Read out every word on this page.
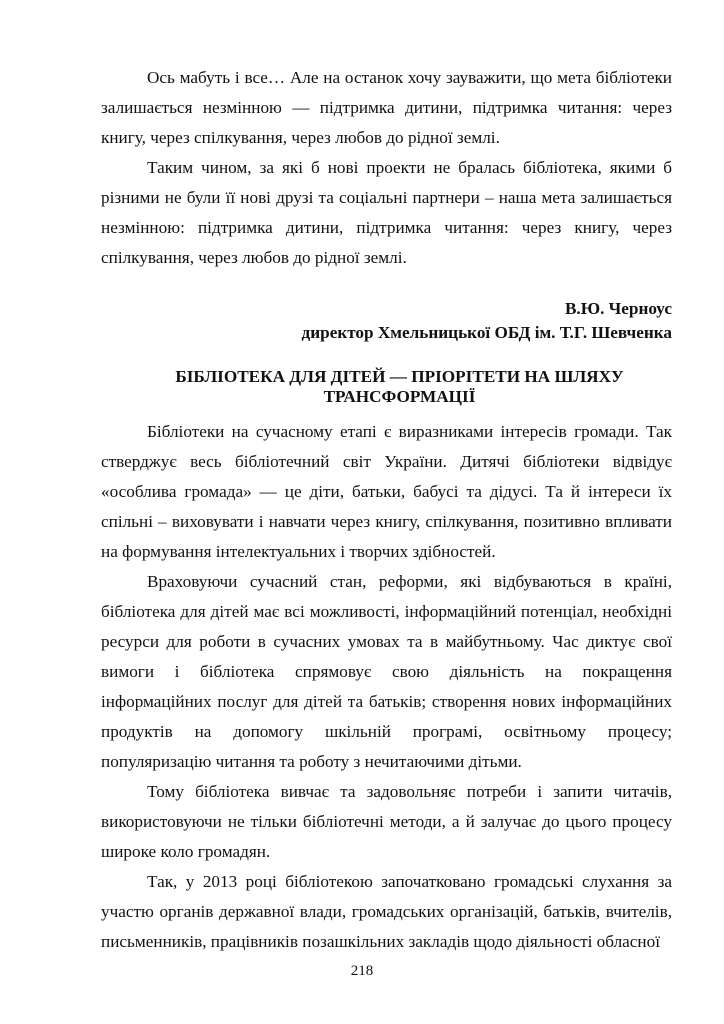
Ось мабуть і все… Але на останок хочу зауважити, що мета бібліотеки залишається незмінною — підтримка дитини, підтримка читання: через книгу, через спілкування, через любов до рідної землі.

Таким чином, за які б нові проекти не бралась бібліотека, якими б різними не були її нові друзі та соціальні партнери – наша мета залишається незмінною: підтримка дитини, підтримка читання: через книгу, через спілкування, через любов до рідної землі.

В.Ю. Черноус
директор Хмельницької ОБД ім. Т.Г. Шевченка
БІБЛІОТЕКА ДЛЯ ДІТЕЙ — ПРІОРІТЕТИ НА ШЛЯХУ
ТРАНСФОРМАЦІЇ

Бібліотеки на сучасному етапі є виразниками інтересів громади. Так стверджує весь бібліотечний світ України. Дитячі бібліотеки відвідує «особлива громада» — це діти, батьки, бабусі та дідусі. Та й інтереси їх спільні – виховувати і навчати через книгу, спілкування, позитивно впливати на формування інтелектуальних і творчих здібностей.

Враховуючи сучасний стан, реформи, які відбуваються в країні, бібліотека для дітей має всі можливості, інформаційний потенціал, необхідні ресурси для роботи в сучасних умовах та в майбутньому. Час диктує свої вимоги і бібліотека спрямовує свою діяльність на покращення інформаційних послуг для дітей та батьків; створення нових інформаційних продуктів на допомогу шкільній програмі, освітньому процесу; популяризацію читання та роботу з нечитаючими дітьми.

Тому бібліотека вивчає та задовольняє потреби і запити читачів, використовуючи не тільки бібліотечні методи, а й залучає до цього процесу широке коло громадян.

Так, у 2013 році бібліотекою започатковано громадські слухання за участю органів державної влади, громадських організацій, батьків, вчителів, письменників, працівників позашкільних закладів щодо діяльності обласної

218
